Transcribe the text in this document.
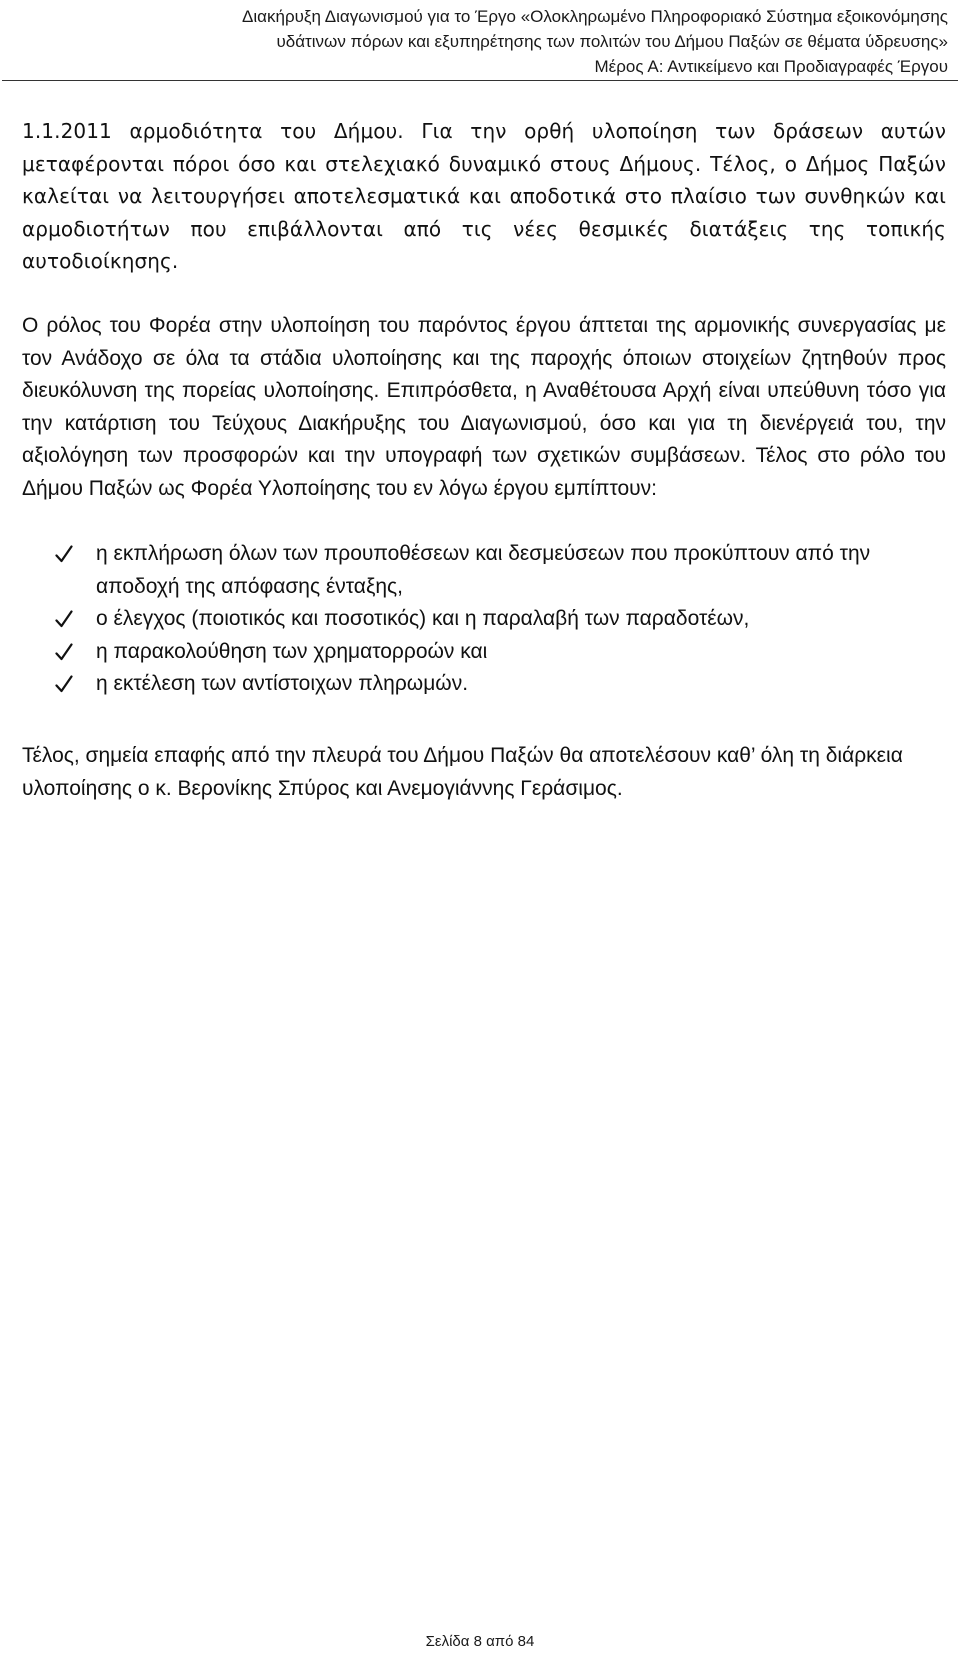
Διακήρυξη Διαγωνισμού για το Έργο «Ολοκληρωμένο Πληροφοριακό Σύστημα εξοικονόμησης
υδάτινων πόρων και εξυπηρέτησης των πολιτών του Δήμου Παξών σε θέματα ύδρευσης»
Μέρος Α: Αντικείμενο και Προδιαγραφές Έργου

1.1.2011 αρμοδιότητα του Δήμου. Για την ορθή υλοποίηση των δράσεων αυτών μεταφέρονται πόροι όσο και στελεχιακό δυναμικό στους Δήμους. Τέλος, ο Δήμος Παξών καλείται να λειτουργήσει αποτελεσματικά και αποδοτικά στο πλαίσιο των συνθηκών και αρμοδιοτήτων που επιβάλλονται από τις νέες θεσμικές διατάξεις της τοπικής αυτοδιοίκησης.

Ο ρόλος του Φορέα στην υλοποίηση του παρόντος έργου άπτεται της αρμονικής συνεργασίας με τον Ανάδοχο σε όλα τα στάδια υλοποίησης και της παροχής όποιων στοιχείων ζητηθούν προς διευκόλυνση της πορείας υλοποίησης. Επιπρόσθετα, η Αναθέτουσα Αρχή είναι υπεύθυνη τόσο για την κατάρτιση του Τεύχους Διακήρυξης του Διαγωνισμού, όσο και για τη διενέργειά του, την αξιολόγηση των προσφορών και την υπογραφή των σχετικών συμβάσεων. Τέλος στο ρόλο του Δήμου Παξών ως Φορέα Υλοποίησης του εν λόγω έργου εμπίπτουν:

η εκπλήρωση όλων των προυποθέσεων και δεσμεύσεων που προκύπτουν από την αποδοχή της απόφασης ένταξης,
ο έλεγχος (ποιοτικός και ποσοτικός) και η παραλαβή των παραδοτέων,
η παρακολούθηση των χρηματορροών και
η εκτέλεση των αντίστοιχων πληρωμών.

Τέλος, σημεία επαφής από την πλευρά του Δήμου Παξών θα αποτελέσουν καθ’ όλη τη διάρκεια υλοποίησης ο κ. Βερονίκης Σπύρος και Ανεμογιάννης Γεράσιμος.

Σελίδα 8 από 84
